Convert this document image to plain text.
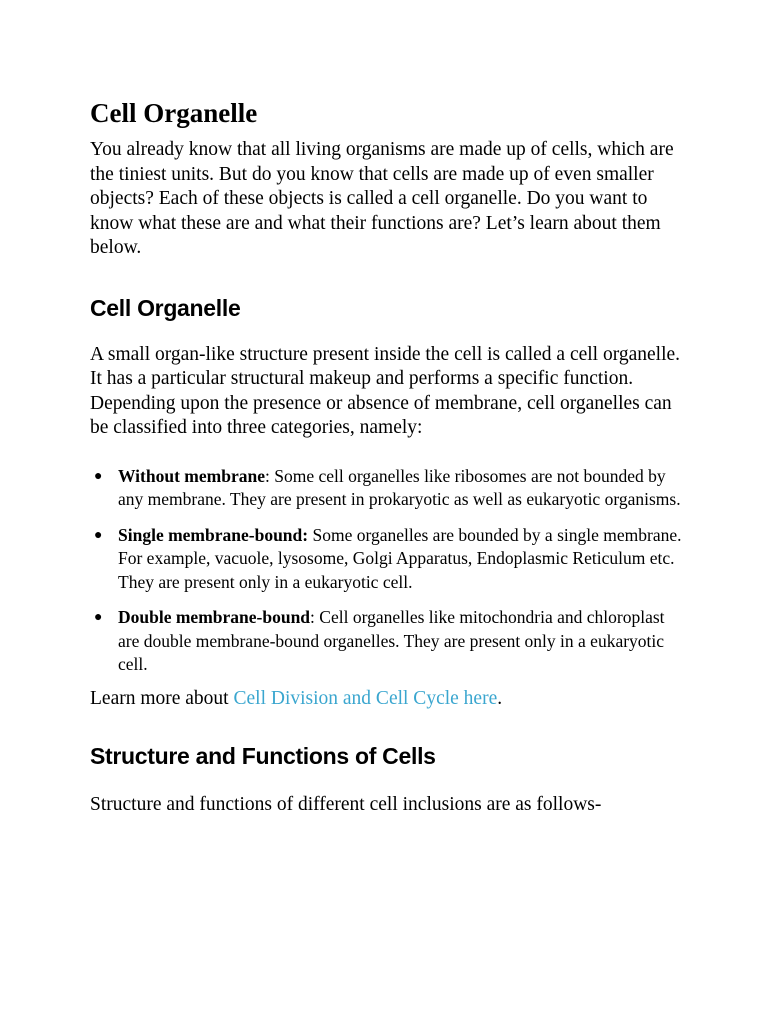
Cell Organelle

You already know that all living organisms are made up of cells, which are the tiniest units. But do you know that cells are made up of even smaller objects? Each of these objects is called a cell organelle. Do you want to know what these are and what their functions are? Let’s learn about them below.

Cell Organelle

A small organ-like structure present inside the cell is called a cell organelle. It has a particular structural makeup and performs a specific function. Depending upon the presence or absence of membrane, cell organelles can be classified into three categories, namely:

● Without membrane: Some cell organelles like ribosomes are not bounded by any membrane. They are present in prokaryotic as well as eukaryotic organisms.
● Single membrane-bound: Some organelles are bounded by a single membrane. For example, vacuole, lysosome, Golgi Apparatus, Endoplasmic Reticulum etc. They are present only in a eukaryotic cell.
● Double membrane-bound: Cell organelles like mitochondria and chloroplast are double membrane-bound organelles. They are present only in a eukaryotic cell.

Learn more about Cell Division and Cell Cycle here.

Structure and Functions of Cells

Structure and functions of different cell inclusions are as follows-
